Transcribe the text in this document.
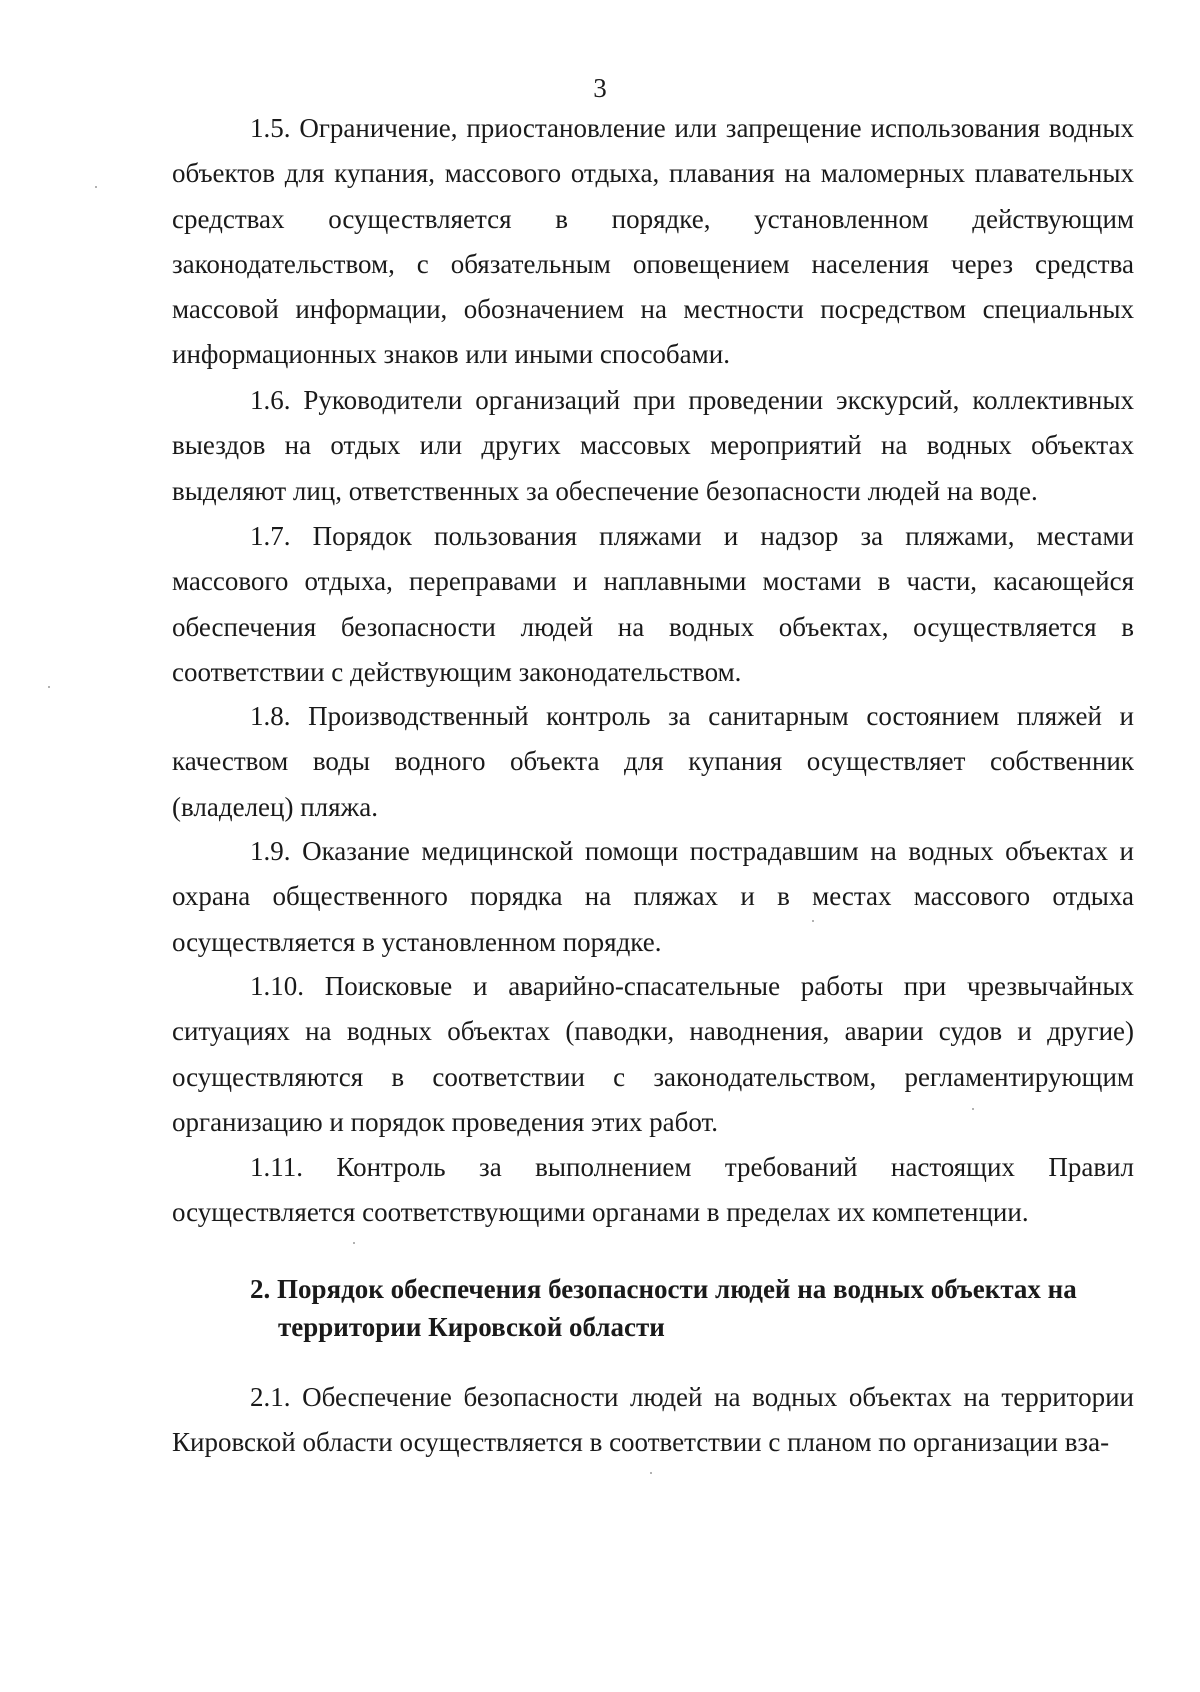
3

1.5. Ограничение, приостановление или запрещение использования водных объектов для купания, массового отдыха, плавания на маломерных плавательных средствах осуществляется в порядке, установленном действующим законодательством, с обязательным оповещением населения через средства массовой информации, обозначением на местности посредством специальных информационных знаков или иными способами.

1.6. Руководители организаций при проведении экскурсий, коллективных выездов на отдых или других массовых мероприятий на водных объектах выделяют лиц, ответственных за обеспечение безопасности людей на воде.

1.7. Порядок пользования пляжами и надзор за пляжами, местами массового отдыха, переправами и наплавными мостами в части, касающейся обеспечения безопасности людей на водных объектах, осуществляется в соответствии с действующим законодательством.

1.8. Производственный контроль за санитарным состоянием пляжей и качеством воды водного объекта для купания осуществляет собственник (владелец) пляжа.

1.9. Оказание медицинской помощи пострадавшим на водных объектах и охрана общественного порядка на пляжах и в местах массового отдыха осуществляется в установленном порядке.

1.10. Поисковые и аварийно-спасательные работы при чрезвычайных ситуациях на водных объектах (паводки, наводнения, аварии судов и другие) осуществляются в соответствии с законодательством, регламентирующим организацию и порядок проведения этих работ.

1.11. Контроль за выполнением требований настоящих Правил осуществляется соответствующими органами в пределах их компетенции.

2. Порядок обеспечения безопасности людей на водных объектах на территории Кировской области

2.1. Обеспечение безопасности людей на водных объектах на территории Кировской области осуществляется в соответствии с планом по организации вза-
